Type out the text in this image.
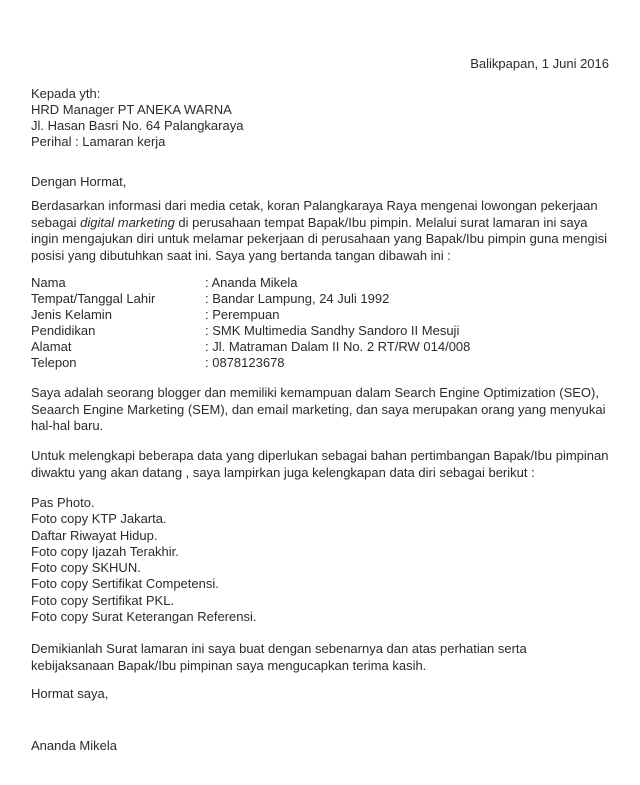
Balikpapan, 1 Juni 2016
Kepada yth:
HRD Manager PT ANEKA WARNA
Jl. Hasan Basri No. 64 Palangkaraya
Perihal : Lamaran kerja
Dengan Hormat,
Berdasarkan informasi dari media cetak, koran Palangkaraya Raya mengenai lowongan pekerjaan sebagai digital marketing di perusahaan tempat Bapak/Ibu pimpin. Melalui surat lamaran ini saya ingin mengajukan diri untuk melamar pekerjaan di perusahaan yang Bapak/Ibu pimpin guna mengisi posisi yang dibutuhkan saat ini. Saya yang bertanda tangan dibawah ini :
Nama	: Ananda Mikela
Tempat/Tanggal Lahir	: Bandar Lampung, 24 Juli 1992
Jenis Kelamin	: Perempuan
Pendidikan	: SMK Multimedia Sandhy Sandoro II Mesuji
Alamat	: Jl. Matraman Dalam II No. 2 RT/RW 014/008
Telepon	: 0878123678
Saya adalah seorang blogger dan memiliki kemampuan dalam Search Engine Optimization (SEO), Seaarch Engine Marketing (SEM), dan email marketing, dan saya merupakan orang yang menyukai hal-hal baru.
Untuk melengkapi beberapa data yang diperlukan sebagai bahan pertimbangan Bapak/Ibu pimpinan diwaktu yang akan datang , saya lampirkan juga kelengkapan data diri sebagai berikut :
Pas Photo.
Foto copy KTP Jakarta.
Daftar Riwayat Hidup.
Foto copy Ijazah Terakhir.
Foto copy SKHUN.
Foto copy Sertifikat Competensi.
Foto copy Sertifikat PKL.
Foto copy Surat Keterangan Referensi.
Demikianlah Surat lamaran ini saya buat dengan sebenarnya dan atas perhatian serta kebijaksanaan Bapak/Ibu pimpinan saya mengucapkan terima kasih.
Hormat saya,
Ananda Mikela
